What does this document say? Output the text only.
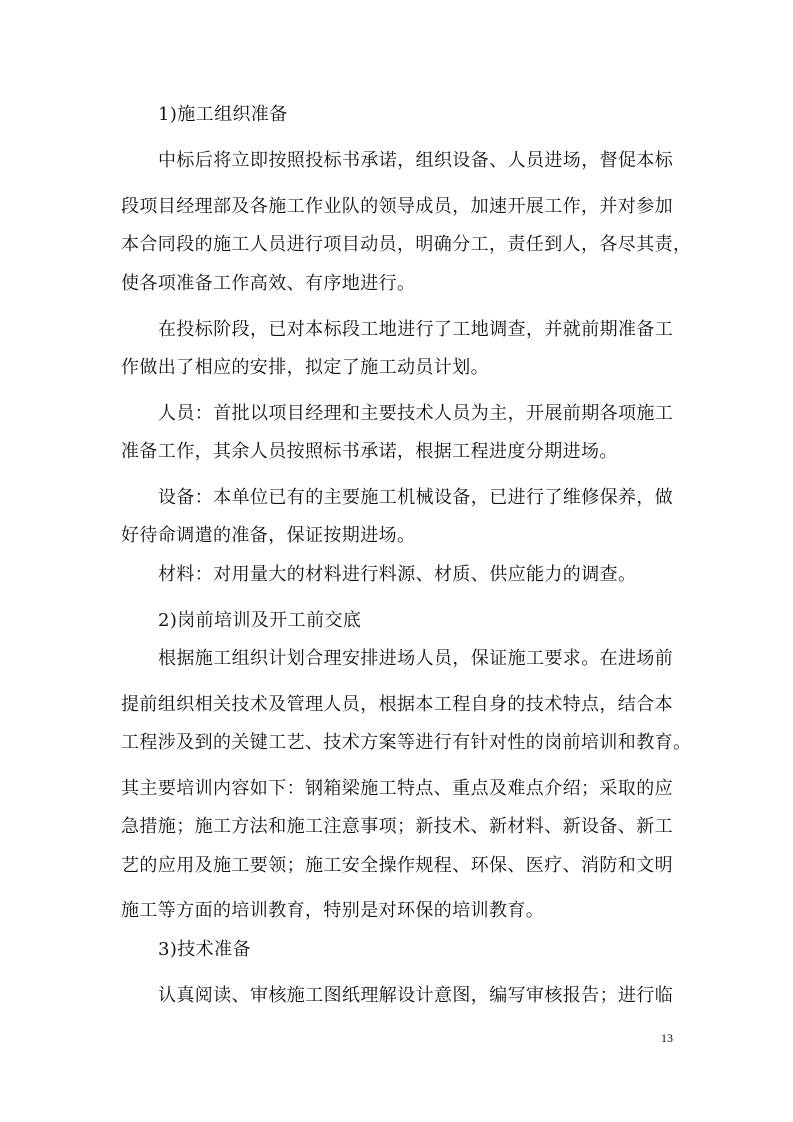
1)施工组织准备
中标后将立即按照投标书承诺，组织设备、人员进场，督促本标
段项目经理部及各施工作业队的领导成员，加速开展工作，并对参加
本合同段的施工人员进行项目动员，明确分工，责任到人，各尽其责，
使各项准备工作高效、有序地进行。
在投标阶段，已对本标段工地进行了工地调查，并就前期准备工
作做出了相应的安排，拟定了施工动员计划。
人员：首批以项目经理和主要技术人员为主，开展前期各项施工
准备工作，其余人员按照标书承诺，根据工程进度分期进场。
设备：本单位已有的主要施工机械设备，已进行了维修保养，做
好待命调遣的准备，保证按期进场。
材料：对用量大的材料进行料源、材质、供应能力的调查。
2)岗前培训及开工前交底
根据施工组织计划合理安排进场人员，保证施工要求。在进场前
提前组织相关技术及管理人员，根据本工程自身的技术特点，结合本
工程涉及到的关键工艺、技术方案等进行有针对性的岗前培训和教育。
其主要培训内容如下：钢箱梁施工特点、重点及难点介绍；采取的应
急措施；施工方法和施工注意事项；新技术、新材料、新设备、新工
艺的应用及施工要领；施工安全操作规程、环保、医疗、消防和文明
施工等方面的培训教育，特别是对环保的培训教育。
3)技术准备
认真阅读、审核施工图纸理解设计意图，编写审核报告；进行临
13
